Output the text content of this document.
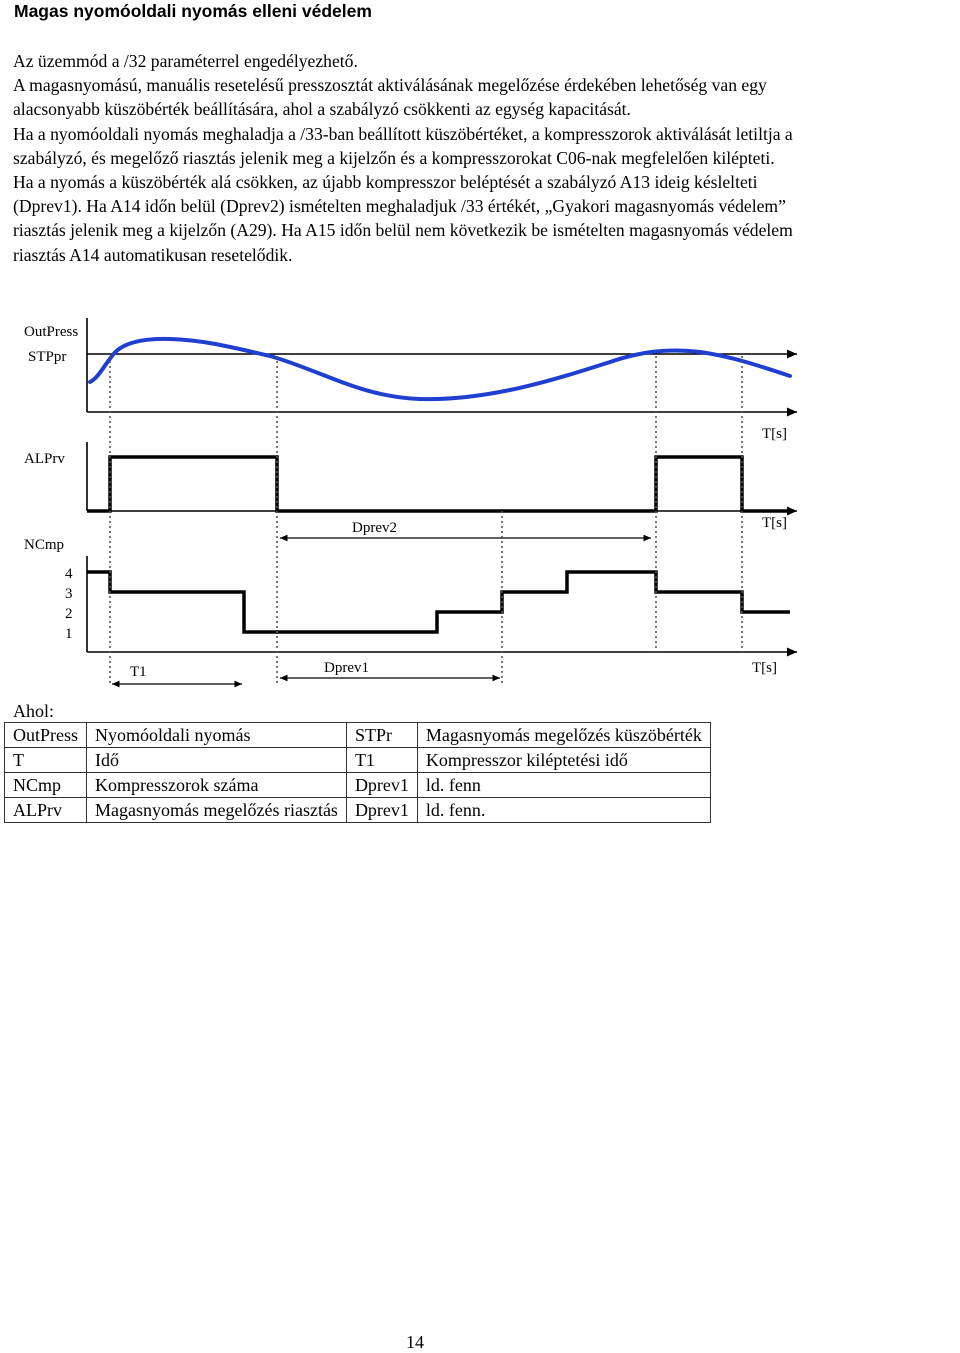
Magas nyomóoldali nyomás elleni védelem

Az üzemmód a /32 paraméterrel engedélyezhető.

A magasnyomású, manuális resetelésű presszosztát aktiválásának megelőzése érdekében lehetőség van egy

alacsonyabb küszöbérték beállítására, ahol a szabályzó csökkenti az egység kapacitását.

Ha a nyomóoldali nyomás meghaladja a /33-ban beállított küszöbértéket, a kompresszorok aktiválását letiltja a

szabályzó, és megelőző riasztás jelenik meg a kijelzőn és a kompresszorokat C06-nak megfelelően kilépteti.

Ha a nyomás a küszöbérték alá csökken, az újabb kompresszor beléptését a szabályzó A13 ideig késlelteti

(Dprev1). Ha A14 időn belül (Dprev2) ismételten meghaladjuk /33 értékét, „Gyakori magasnyomás védelem”

riasztás jelenik meg a kijelzőn (A29). Ha A15 időn belül nem következik be ismételten magasnyomás védelem

riasztás A14 automatikusan resetelődik.

OutPress
STPpr
T[s]
ALPrv
T[s]
Dprev2
NCmp
4
3
2
1
T[s]
T1	Dprev1
Ahol:
OutPress	Nyomóoldali nyomás	STPr	Magasnyomás megelőzés küszöbérték
T	Idő	T1	Kompresszor kiléptetési idő
NCmp	Kompresszorok száma	Dprev1	ld. fenn
ALPrv	Magasnyomás megelőzés riasztás	Dprev1	ld. fenn.
14
